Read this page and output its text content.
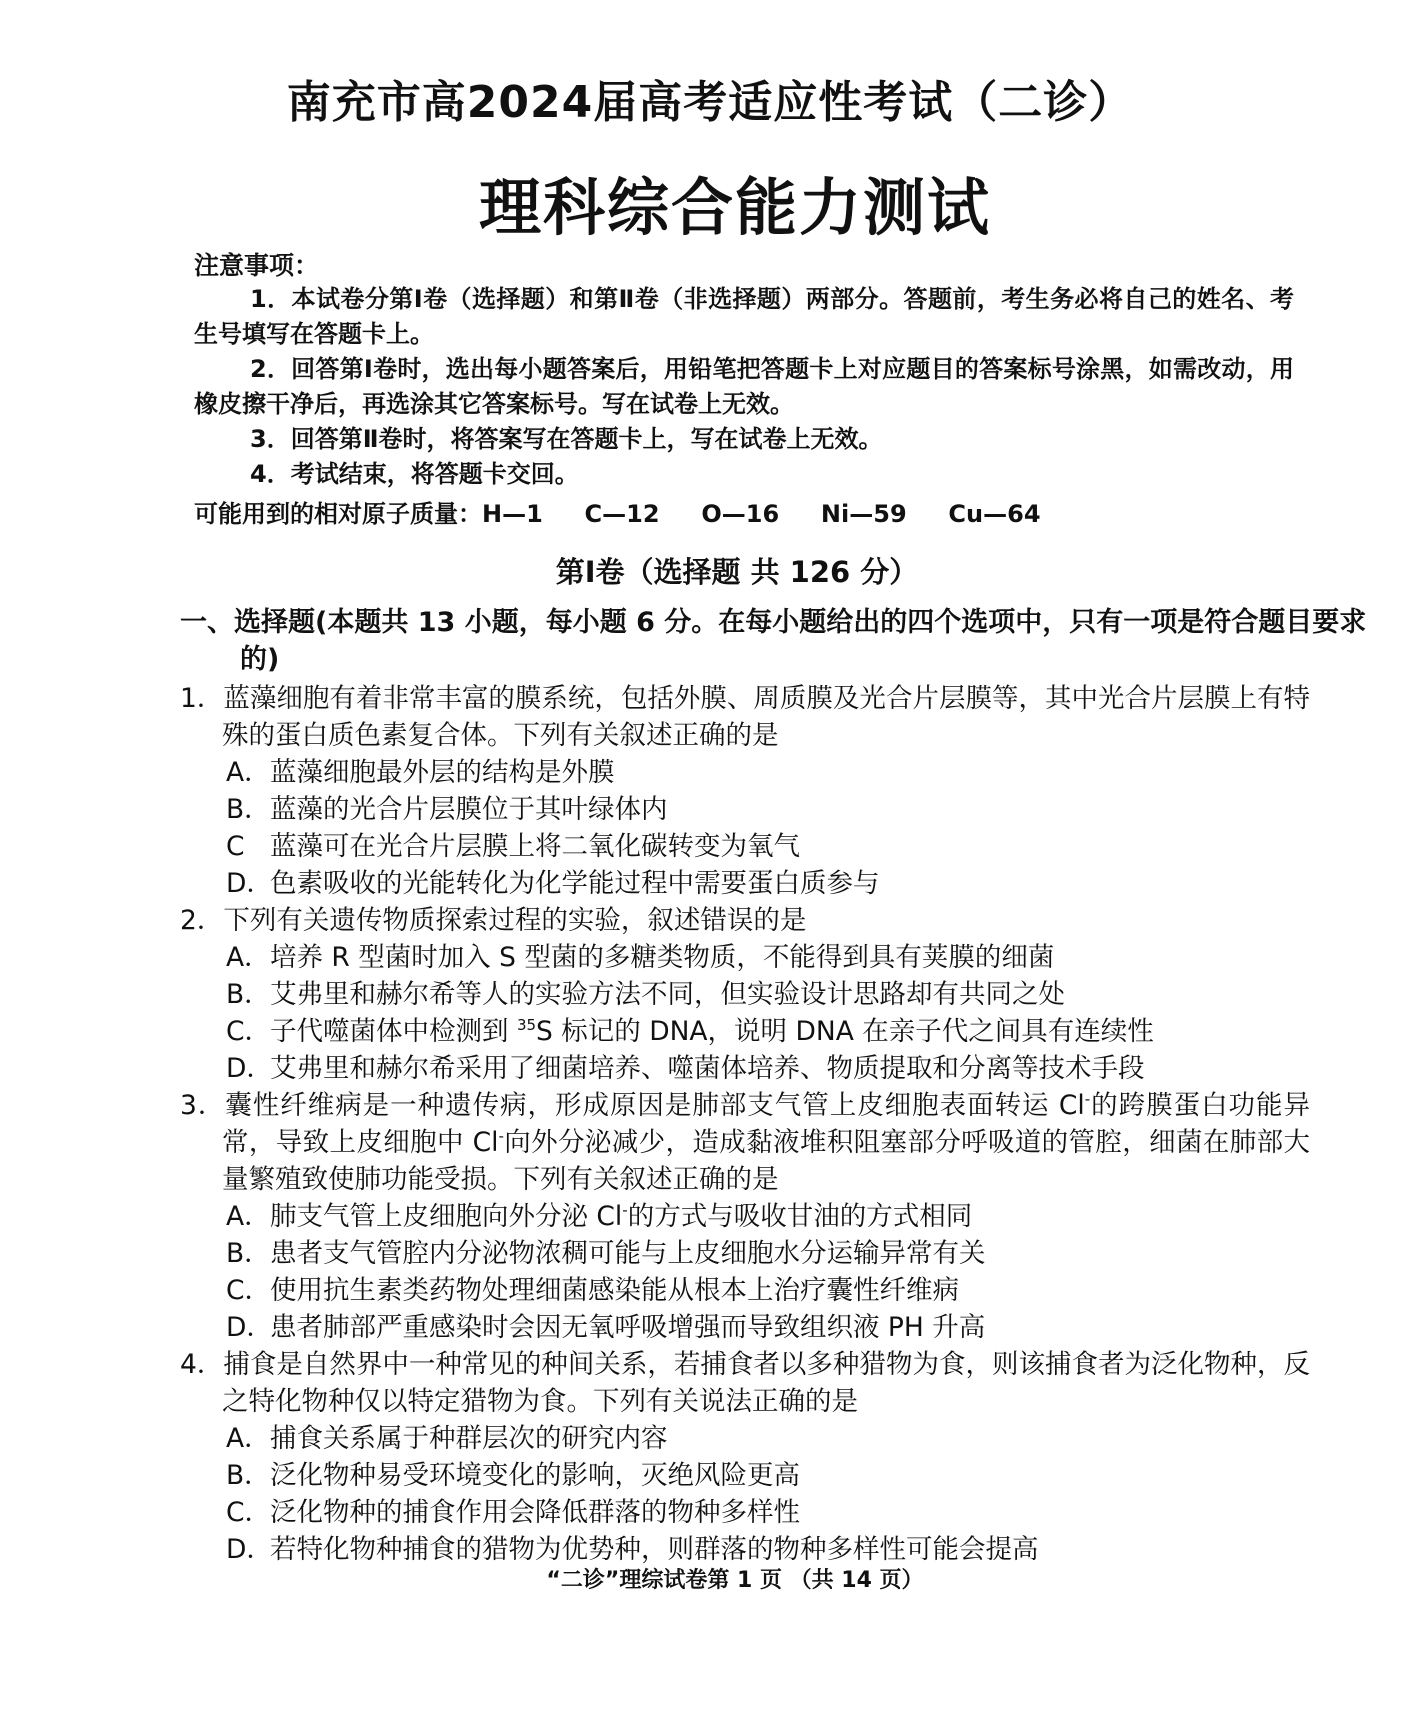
南充市高2024届高考适应性考试（二诊）
理科综合能力测试
注意事项：

1．本试卷分第Ⅰ卷（选择题）和第Ⅱ卷（非选择题）两部分。答题前，考生务必将自己的姓名、考生号填写在答题卡上。

2．回答第Ⅰ卷时，选出每小题答案后，用铅笔把答题卡上对应题目的答案标号涂黑，如需改动，用橡皮擦干净后，再选涂其它答案标号。写在试卷上无效。

3．回答第Ⅱ卷时，将答案写在答题卡上，写在试卷上无效。

4．考试结束，将答题卡交回。

可能用到的相对原子质量：H—1     C—12     O—16     Ni—59     Cu—64
第Ⅰ卷（选择题 共 126 分）
一、选择题(本题共 13 小题，每小题 6 分。在每小题给出的四个选项中，只有一项是符合题目要求的)

1．蓝藻细胞有着非常丰富的膜系统，包括外膜、周质膜及光合片层膜等，其中光合片层膜上有特殊的蛋白质色素复合体。下列有关叙述正确的是

A．蓝藻细胞最外层的结构是外膜

B．蓝藻的光合片层膜位于其叶绿体内

C 蓝藻可在光合片层膜上将二氧化碳转变为氧气

D．色素吸收的光能转化为化学能过程中需要蛋白质参与

2．下列有关遗传物质探索过程的实验，叙述错误的是

A．培养 R 型菌时加入 S 型菌的多糖类物质，不能得到具有荚膜的细菌

B．艾弗里和赫尔希等人的实验方法不同，但实验设计思路却有共同之处

C．子代噬菌体中检测到 $^{35}$S 标记的 DNA，说明 DNA 在亲子代之间具有连续性

D．艾弗里和赫尔希采用了细菌培养、噬菌体培养、物质提取和分离等技术手段

3．囊性纤维病是一种遗传病，形成原因是肺部支气管上皮细胞表面转运 Cl-的跨膜蛋白功能异常，导致上皮细胞中 Cl-向外分泌减少，造成黏液堆积阻塞部分呼吸道的管腔，细菌在肺部大量繁殖致使肺功能受损。下列有关叙述正确的是

A．肺支气管上皮细胞向外分泌 Cl-的方式与吸收甘油的方式相同

B．患者支气管腔内分泌物浓稠可能与上皮细胞水分运输异常有关

C．使用抗生素类药物处理细菌感染能从根本上治疗囊性纤维病

D．患者肺部严重感染时会因无氧呼吸增强而导致组织液 PH 升高

4．捕食是自然界中一种常见的种间关系，若捕食者以多种猎物为食，则该捕食者为泛化物种，反之特化物种仅以特定猎物为食。下列有关说法正确的是

A．捕食关系属于种群层次的研究内容

B．泛化物种易受环境变化的影响，灭绝风险更高

C．泛化物种的捕食作用会降低群落的物种多样性

D．若特化物种捕食的猎物为优势种，则群落的物种多样性可能会提高

“二诊”理综试卷第 1 页 （共 14 页）
